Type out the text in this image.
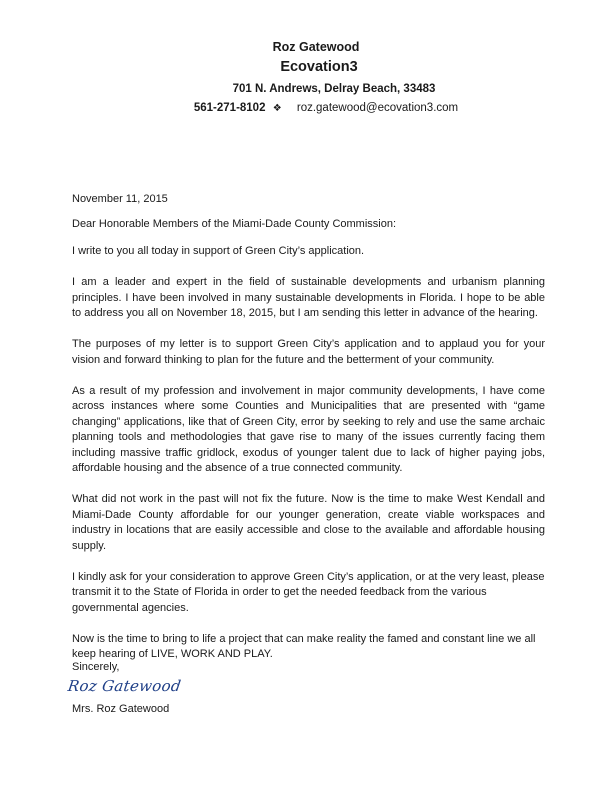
Roz Gatewood
Ecovation3
701 N. Andrews, Delray Beach, 33483
561-271-8102 ❖ roz.gatewood@ecovation3.com

November 11, 2015

Dear Honorable Members of the Miami-Dade County Commission:

I write to you all today in support of Green City’s application.

I am a leader and expert in the field of sustainable developments and urbanism planning principles. I have been involved in many sustainable developments in Florida. I hope to be able to address you all on November 18, 2015, but I am sending this letter in advance of the hearing.

The purposes of my letter is to support Green City’s application and to applaud you for your vision and forward thinking to plan for the future and the betterment of your community.

As a result of my profession and involvement in major community developments, I have come across instances where some Counties and Municipalities that are presented with “game changing” applications, like that of Green City, error by seeking to rely and use the same archaic planning tools and methodologies that gave rise to many of the issues currently facing them including massive traffic gridlock, exodus of younger talent due to lack of higher paying jobs, affordable housing and the absence of a true connected community.

What did not work in the past will not fix the future. Now is the time to make West Kendall and Miami-Dade County affordable for our younger generation, create viable workspaces and industry in locations that are easily accessible and close to the available and affordable housing supply.

I kindly ask for your consideration to approve Green City’s application, or at the very least, please transmit it to the State of Florida in order to get the needed feedback from the various governmental agencies.

Now is the time to bring to life a project that can make reality the famed and constant line we all keep hearing of LIVE, WORK AND PLAY.

Sincerely,
Roz Gatewood
Mrs. Roz Gatewood
